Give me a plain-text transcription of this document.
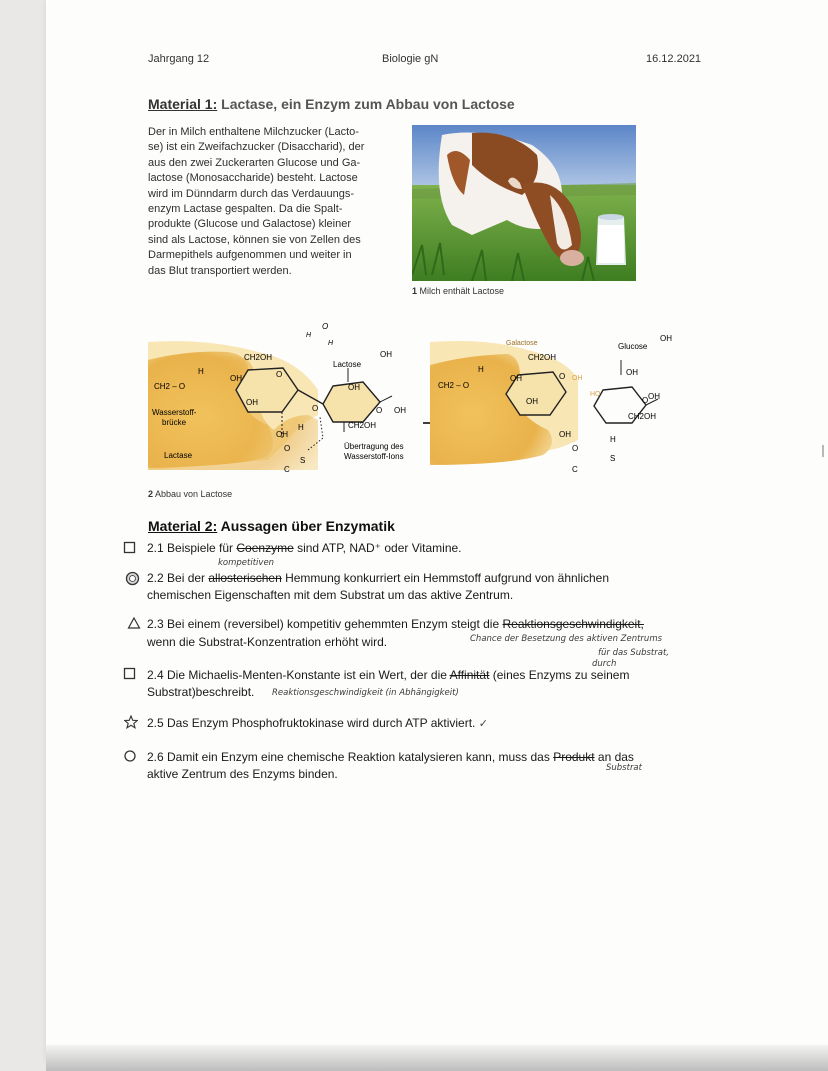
Jahrgang 12	Biologie gN	16.12.2021
Material 1: Lactase, ein Enzym zum Abbau von Lactose
Der in Milch enthaltene Milchzucker (Lacto-
se) ist ein Zweifachzucker (Disaccharid), der
aus den zwei Zuckerarten Glucose und Ga-
lactose (Monosaccharide) besteht. Lactose
wird im Dünndarm durch das Verdauungs-
enzym Lactase gespalten. Da die Spalt-
produkte (Glucose und Galactose) kleiner
sind als Lactose, können sie von Zellen des
Darmepithels aufgenommen und weiter in
das Blut transportiert werden.
1 Milch enthält Lactose
CH2OH
H
OH	O
CH2 – O
Wasserstoff-
brücke
OH
OH
H
Lactase
Lactose
OH
OH
OH
CH2OH
O	O
Übertragung des
Wasserstoff-Ions
O
H
H
S
C
O
Galactose
CH2OH
H
OH	O OH
CH2 – O
OH
OH
Glucose
OH
OH
HO
O OH
CH2OH
H
S
O
C
2 Abbau von Lactose
Material 2: Aussagen über Enzymatik
2.1 Beispiele für Coenzyme sind ATP, NAD⁺ oder Vitamine.
kompetitiven
2.2 Bei der allosterischen Hemmung konkurriert ein Hemmstoff aufgrund von ähnlichen
chemischen Eigenschaften mit dem Substrat um das aktive Zentrum.
2.3 Bei einem (reversibel) kompetitiv gehemmten Enzym steigt die Reaktionsgeschwindigkeit,
wenn die Substrat-Konzentration erhöht wird.	Chance der Besetzung des aktiven Zentrums
für das Substrat,
durch
2.4 Die Michaelis-Menten-Konstante ist ein Wert, der die Affinität (eines Enzyms zu seinem
Substrat)beschreibt. Reaktionsgeschwindigkeit (in Abhängigkeit)
2.5 Das Enzym Phosphofruktokinase wird durch ATP aktiviert. ✓
2.6 Damit ein Enzym eine chemische Reaktion katalysieren kann, muss das Produkt an das
aktive Zentrum des Enzyms binden.	Substrat
